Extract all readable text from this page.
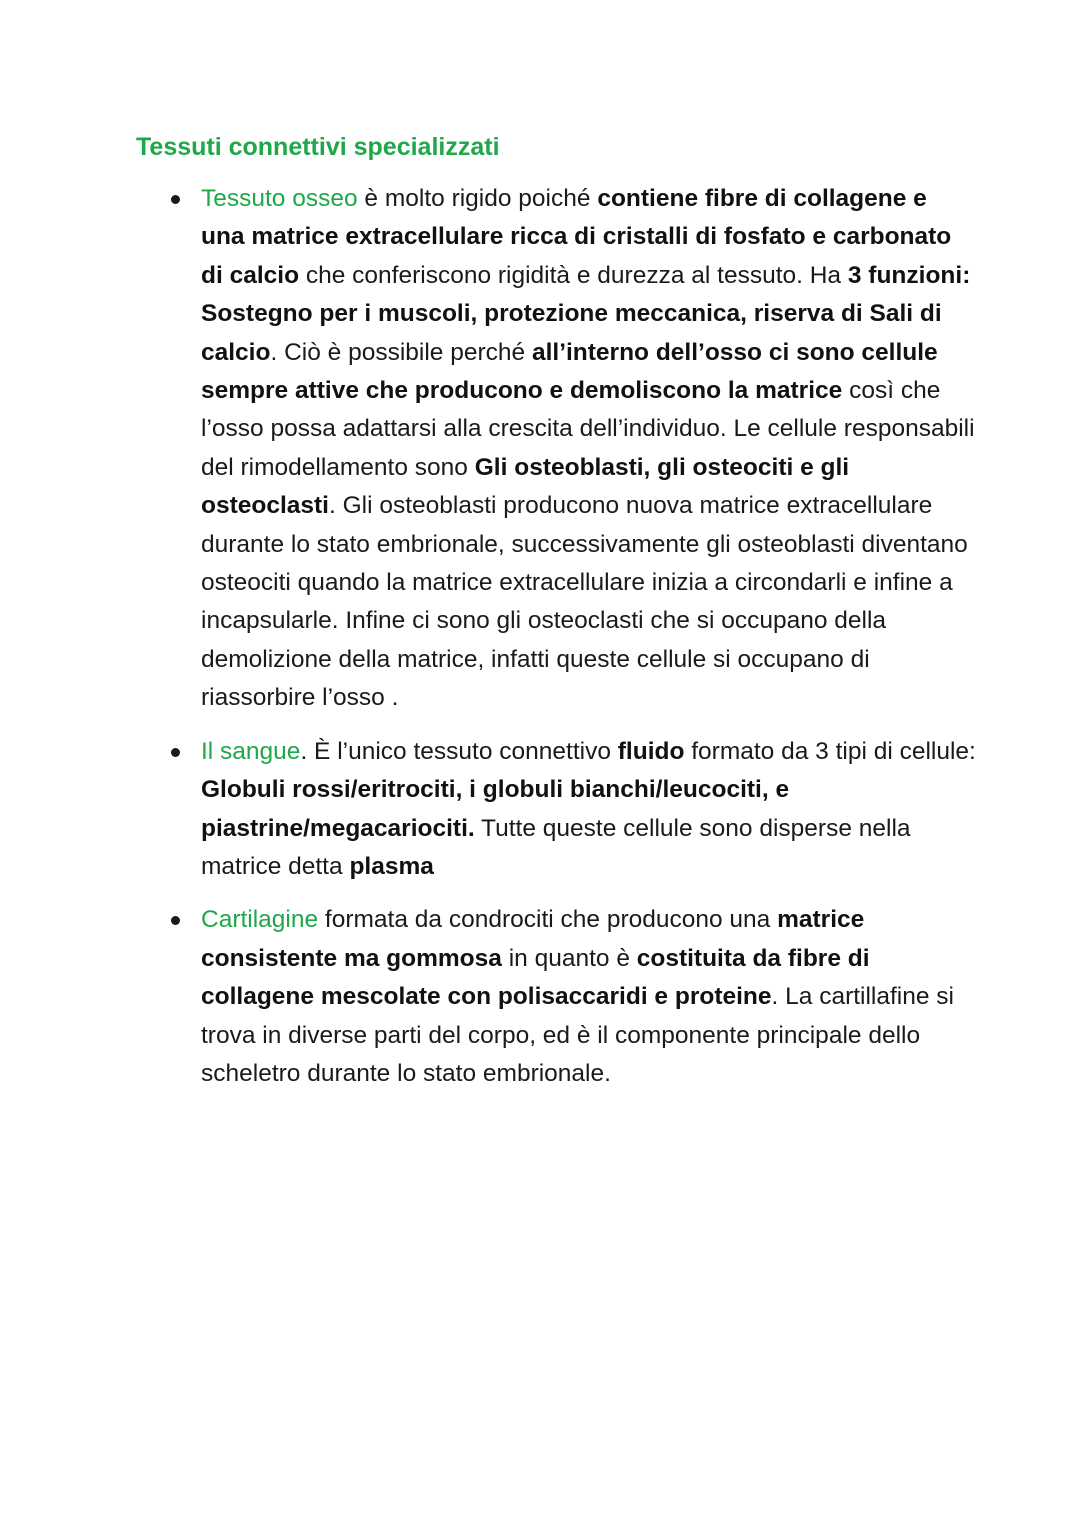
Tessuti connettivi specializzati
Tessuto osseo è molto rigido poiché contiene fibre di collagene e una matrice extracellulare ricca di cristalli di fosfato e carbonato di calcio che conferiscono rigidità e durezza al tessuto. Ha 3 funzioni: Sostegno per i muscoli, protezione meccanica, riserva di Sali di calcio. Ciò è possibile perché all’interno dell’osso ci sono cellule sempre attive che producono e demoliscono la matrice così che l’osso possa adattarsi alla crescita dell’individuo. Le cellule responsabili del rimodellamento sono Gli osteoblasti, gli osteociti e gli osteoclasti. Gli osteoblasti producono nuova matrice extracellulare durante lo stato embrionale, successivamente gli osteoblasti diventano osteociti quando la matrice extracellulare inizia a circondarli e infine a incapsularle. Infine ci sono gli osteoclasti che si occupano della demolizione della matrice, infatti queste cellule si occupano di riassorbire l’osso .
Il sangue. È l’unico tessuto connettivo fluido formato da 3 tipi di cellule: Globuli rossi/eritrociti, i globuli bianchi/leucociti, e piastrine/megacariociti. Tutte queste cellule sono disperse nella matrice detta plasma
Cartilagine formata da condrociti che producono una matrice consistente ma gommosa in quanto è costituita da fibre di collagene mescolate con polisaccaridi e proteine. La cartillafine si trova in diverse parti del corpo, ed è il componente principale dello scheletro durante lo stato embrionale.
